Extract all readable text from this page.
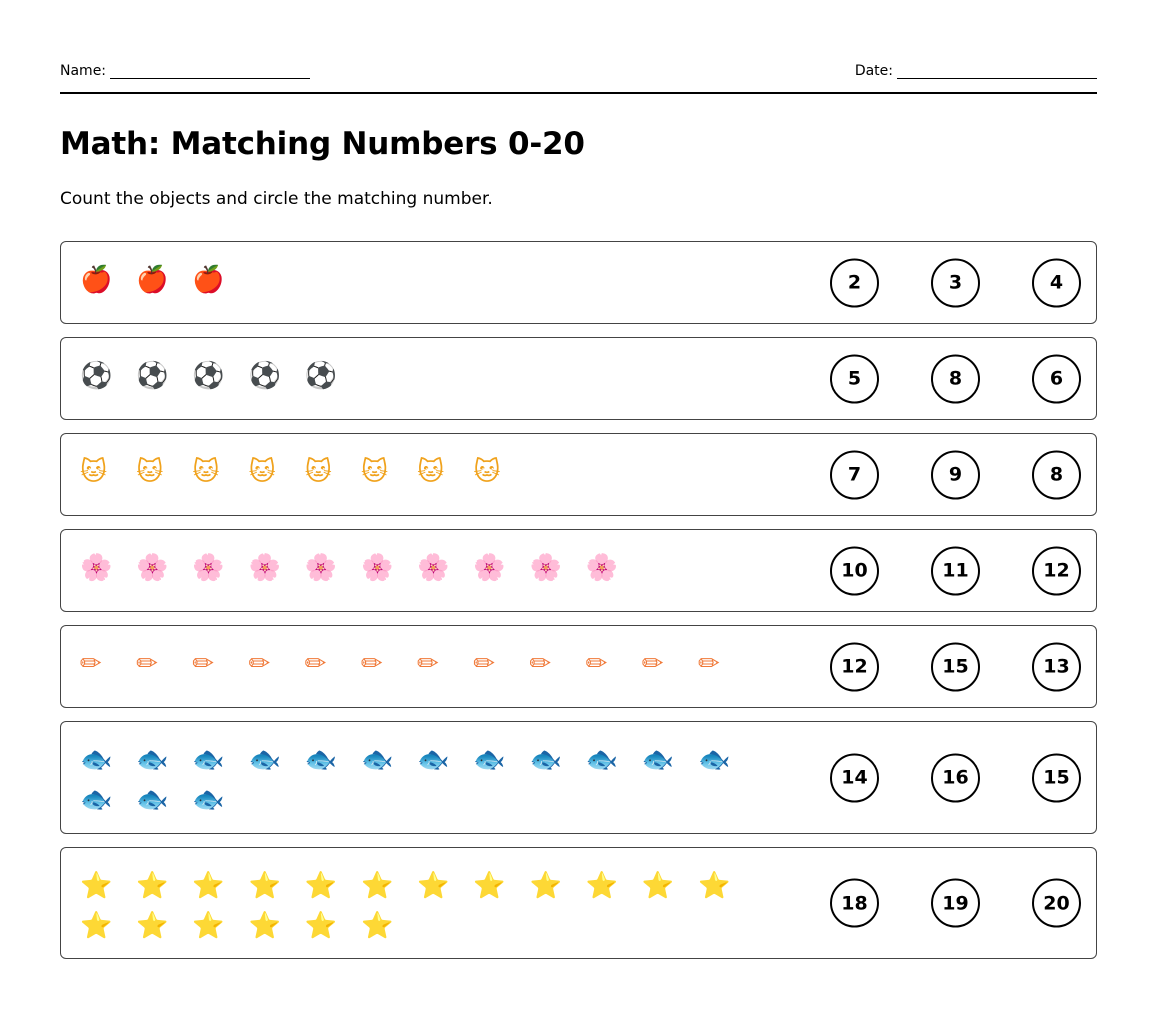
Name:	Date:
Math: Matching Numbers 0-20
Count the objects and circle the matching number.
🍎 🍎 🍎	2	3	4
⚽ ⚽ ⚽ ⚽ ⚽	5	8	6
🐱	🐱	🐱	🐱	🐱	🐱	🐱	🐱	7	9	8
🌸 🌸 🌸 🌸 🌸 🌸 🌸 🌸 🌸 🌸	10	11	12
✏	✏	✏	✏	✏	✏	✏	✏	✏	✏	✏	✏	12	15	13
🐟 🐟 🐟 🐟 🐟 🐟 🐟 🐟 🐟 🐟 🐟 🐟
🐟 🐟 🐟
14	16	15
⭐ ⭐ ⭐ ⭐ ⭐ ⭐ ⭐ ⭐ ⭐ ⭐ ⭐ ⭐
⭐ ⭐ ⭐ ⭐ ⭐ ⭐
18	19	20
